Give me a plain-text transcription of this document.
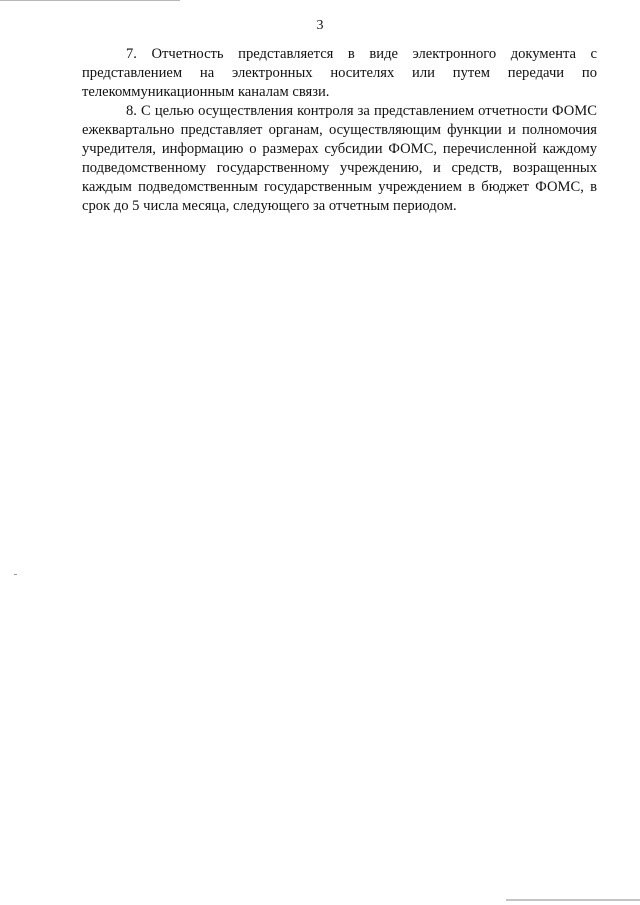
3

7. Отчетность представляется в виде электронного документа с представлением на электронных носителях или путем передачи по телекоммуникационным каналам связи.

8. С целью осуществления контроля за представлением отчетности ФОМС ежеквартально представляет органам, осуществляющим функции и полномочия учредителя, информацию о размерах субсидии ФОМС, перечисленной каждому подведомственному государственному учреждению, и средств, возращенных каждым подведомственным государственным учреждением в бюджет ФОМС, в срок до 5 числа месяца, следующего за отчетным периодом.
